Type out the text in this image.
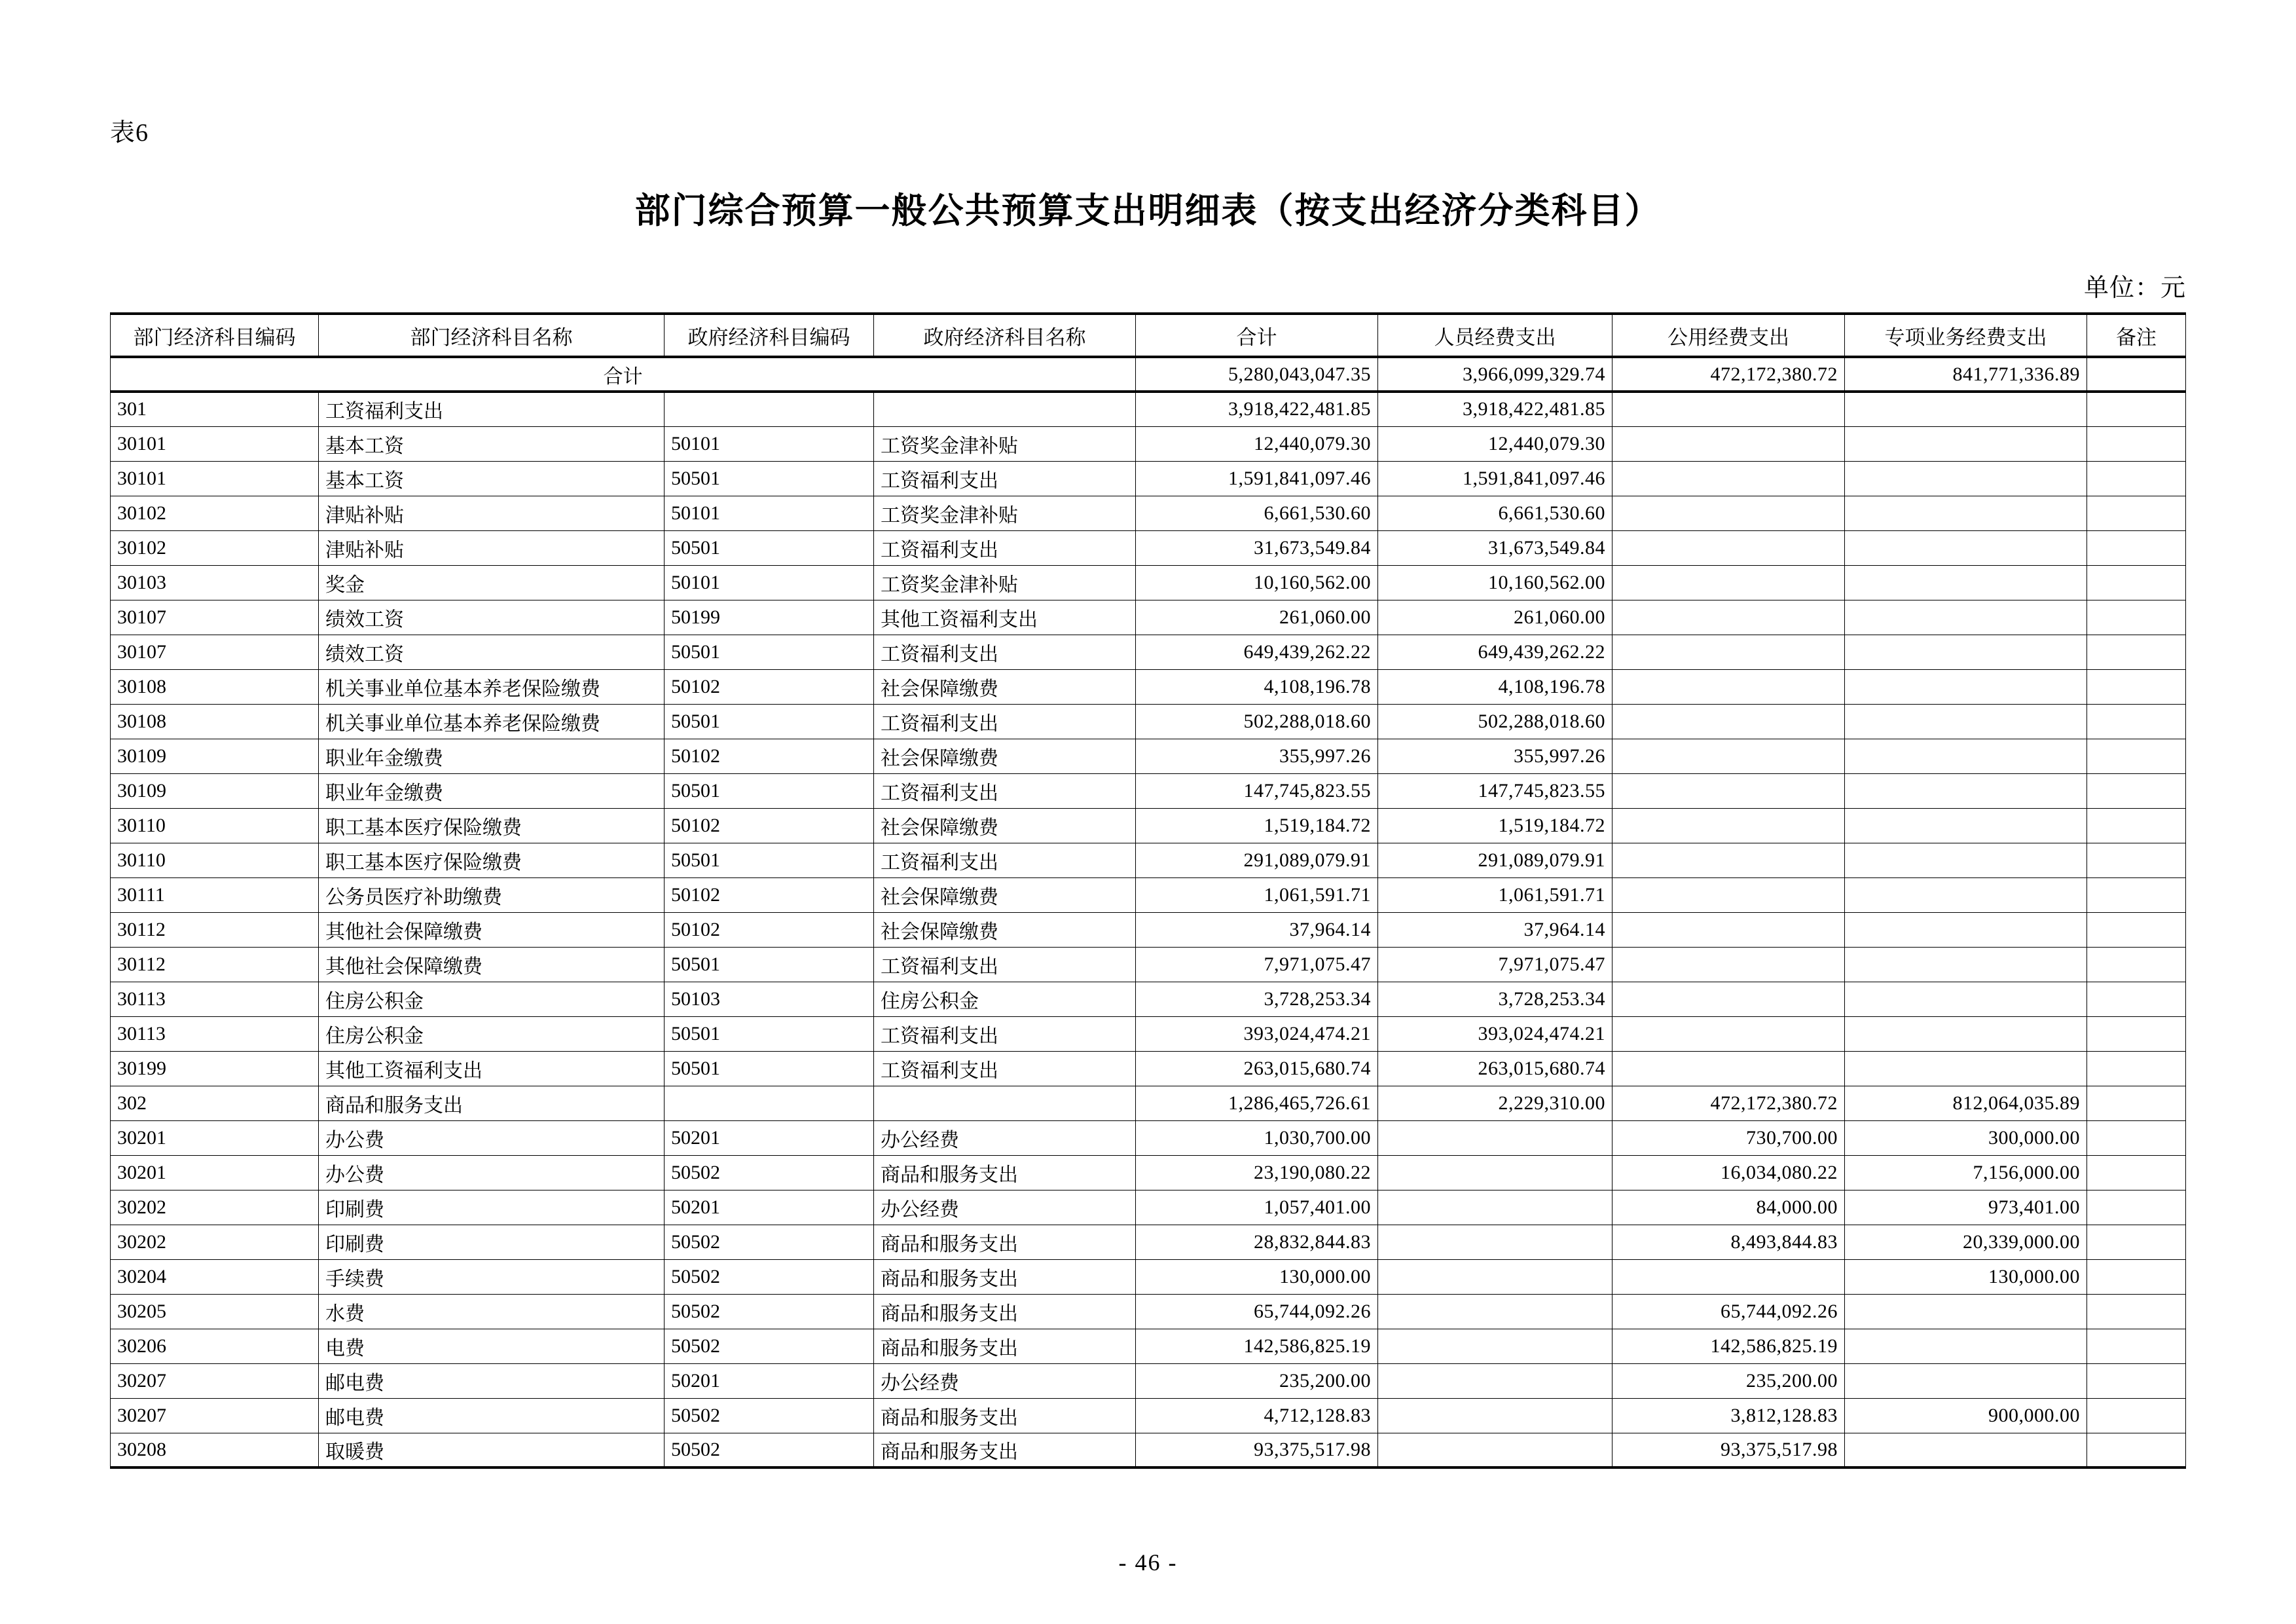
表6
部门综合预算一般公共预算支出明细表（按支出经济分类科目）
单位：元
部门经济科目编码	部门经济科目名称	政府经济科目编码	政府经济科目名称	合计	人员经费支出	公用经费支出	专项业务经费支出	备注
合计				5,280,043,047.35	3,966,099,329.74	472,172,380.72	841,771,336.89	
301	工资福利支出			3,918,422,481.85	3,918,422,481.85			
30101	基本工资	50101	工资奖金津补贴	12,440,079.30	12,440,079.30			
30101	基本工资	50501	工资福利支出	1,591,841,097.46	1,591,841,097.46			
30102	津贴补贴	50101	工资奖金津补贴	6,661,530.60	6,661,530.60			
30102	津贴补贴	50501	工资福利支出	31,673,549.84	31,673,549.84			
30103	奖金	50101	工资奖金津补贴	10,160,562.00	10,160,562.00			
30107	绩效工资	50199	其他工资福利支出	261,060.00	261,060.00			
30107	绩效工资	50501	工资福利支出	649,439,262.22	649,439,262.22			
30108	机关事业单位基本养老保险缴费	50102	社会保障缴费	4,108,196.78	4,108,196.78			
30108	机关事业单位基本养老保险缴费	50501	工资福利支出	502,288,018.60	502,288,018.60			
30109	职业年金缴费	50102	社会保障缴费	355,997.26	355,997.26			
30109	职业年金缴费	50501	工资福利支出	147,745,823.55	147,745,823.55			
30110	职工基本医疗保险缴费	50102	社会保障缴费	1,519,184.72	1,519,184.72			
30110	职工基本医疗保险缴费	50501	工资福利支出	291,089,079.91	291,089,079.91			
30111	公务员医疗补助缴费	50102	社会保障缴费	1,061,591.71	1,061,591.71			
30112	其他社会保障缴费	50102	社会保障缴费	37,964.14	37,964.14			
30112	其他社会保障缴费	50501	工资福利支出	7,971,075.47	7,971,075.47			
30113	住房公积金	50103	住房公积金	3,728,253.34	3,728,253.34			
30113	住房公积金	50501	工资福利支出	393,024,474.21	393,024,474.21			
30199	其他工资福利支出	50501	工资福利支出	263,015,680.74	263,015,680.74			
302	商品和服务支出			1,286,465,726.61	2,229,310.00	472,172,380.72	812,064,035.89	
30201	办公费	50201	办公经费	1,030,700.00		730,700.00	300,000.00	
30201	办公费	50502	商品和服务支出	23,190,080.22		16,034,080.22	7,156,000.00	
30202	印刷费	50201	办公经费	1,057,401.00		84,000.00	973,401.00	
30202	印刷费	50502	商品和服务支出	28,832,844.83		8,493,844.83	20,339,000.00	
30204	手续费	50502	商品和服务支出	130,000.00			130,000.00	
30205	水费	50502	商品和服务支出	65,744,092.26		65,744,092.26		
30206	电费	50502	商品和服务支出	142,586,825.19		142,586,825.19		
30207	邮电费	50201	办公经费	235,200.00		235,200.00		
30207	邮电费	50502	商品和服务支出	4,712,128.83		3,812,128.83	900,000.00	
30208	取暖费	50502	商品和服务支出	93,375,517.98		93,375,517.98		
- 46 -
